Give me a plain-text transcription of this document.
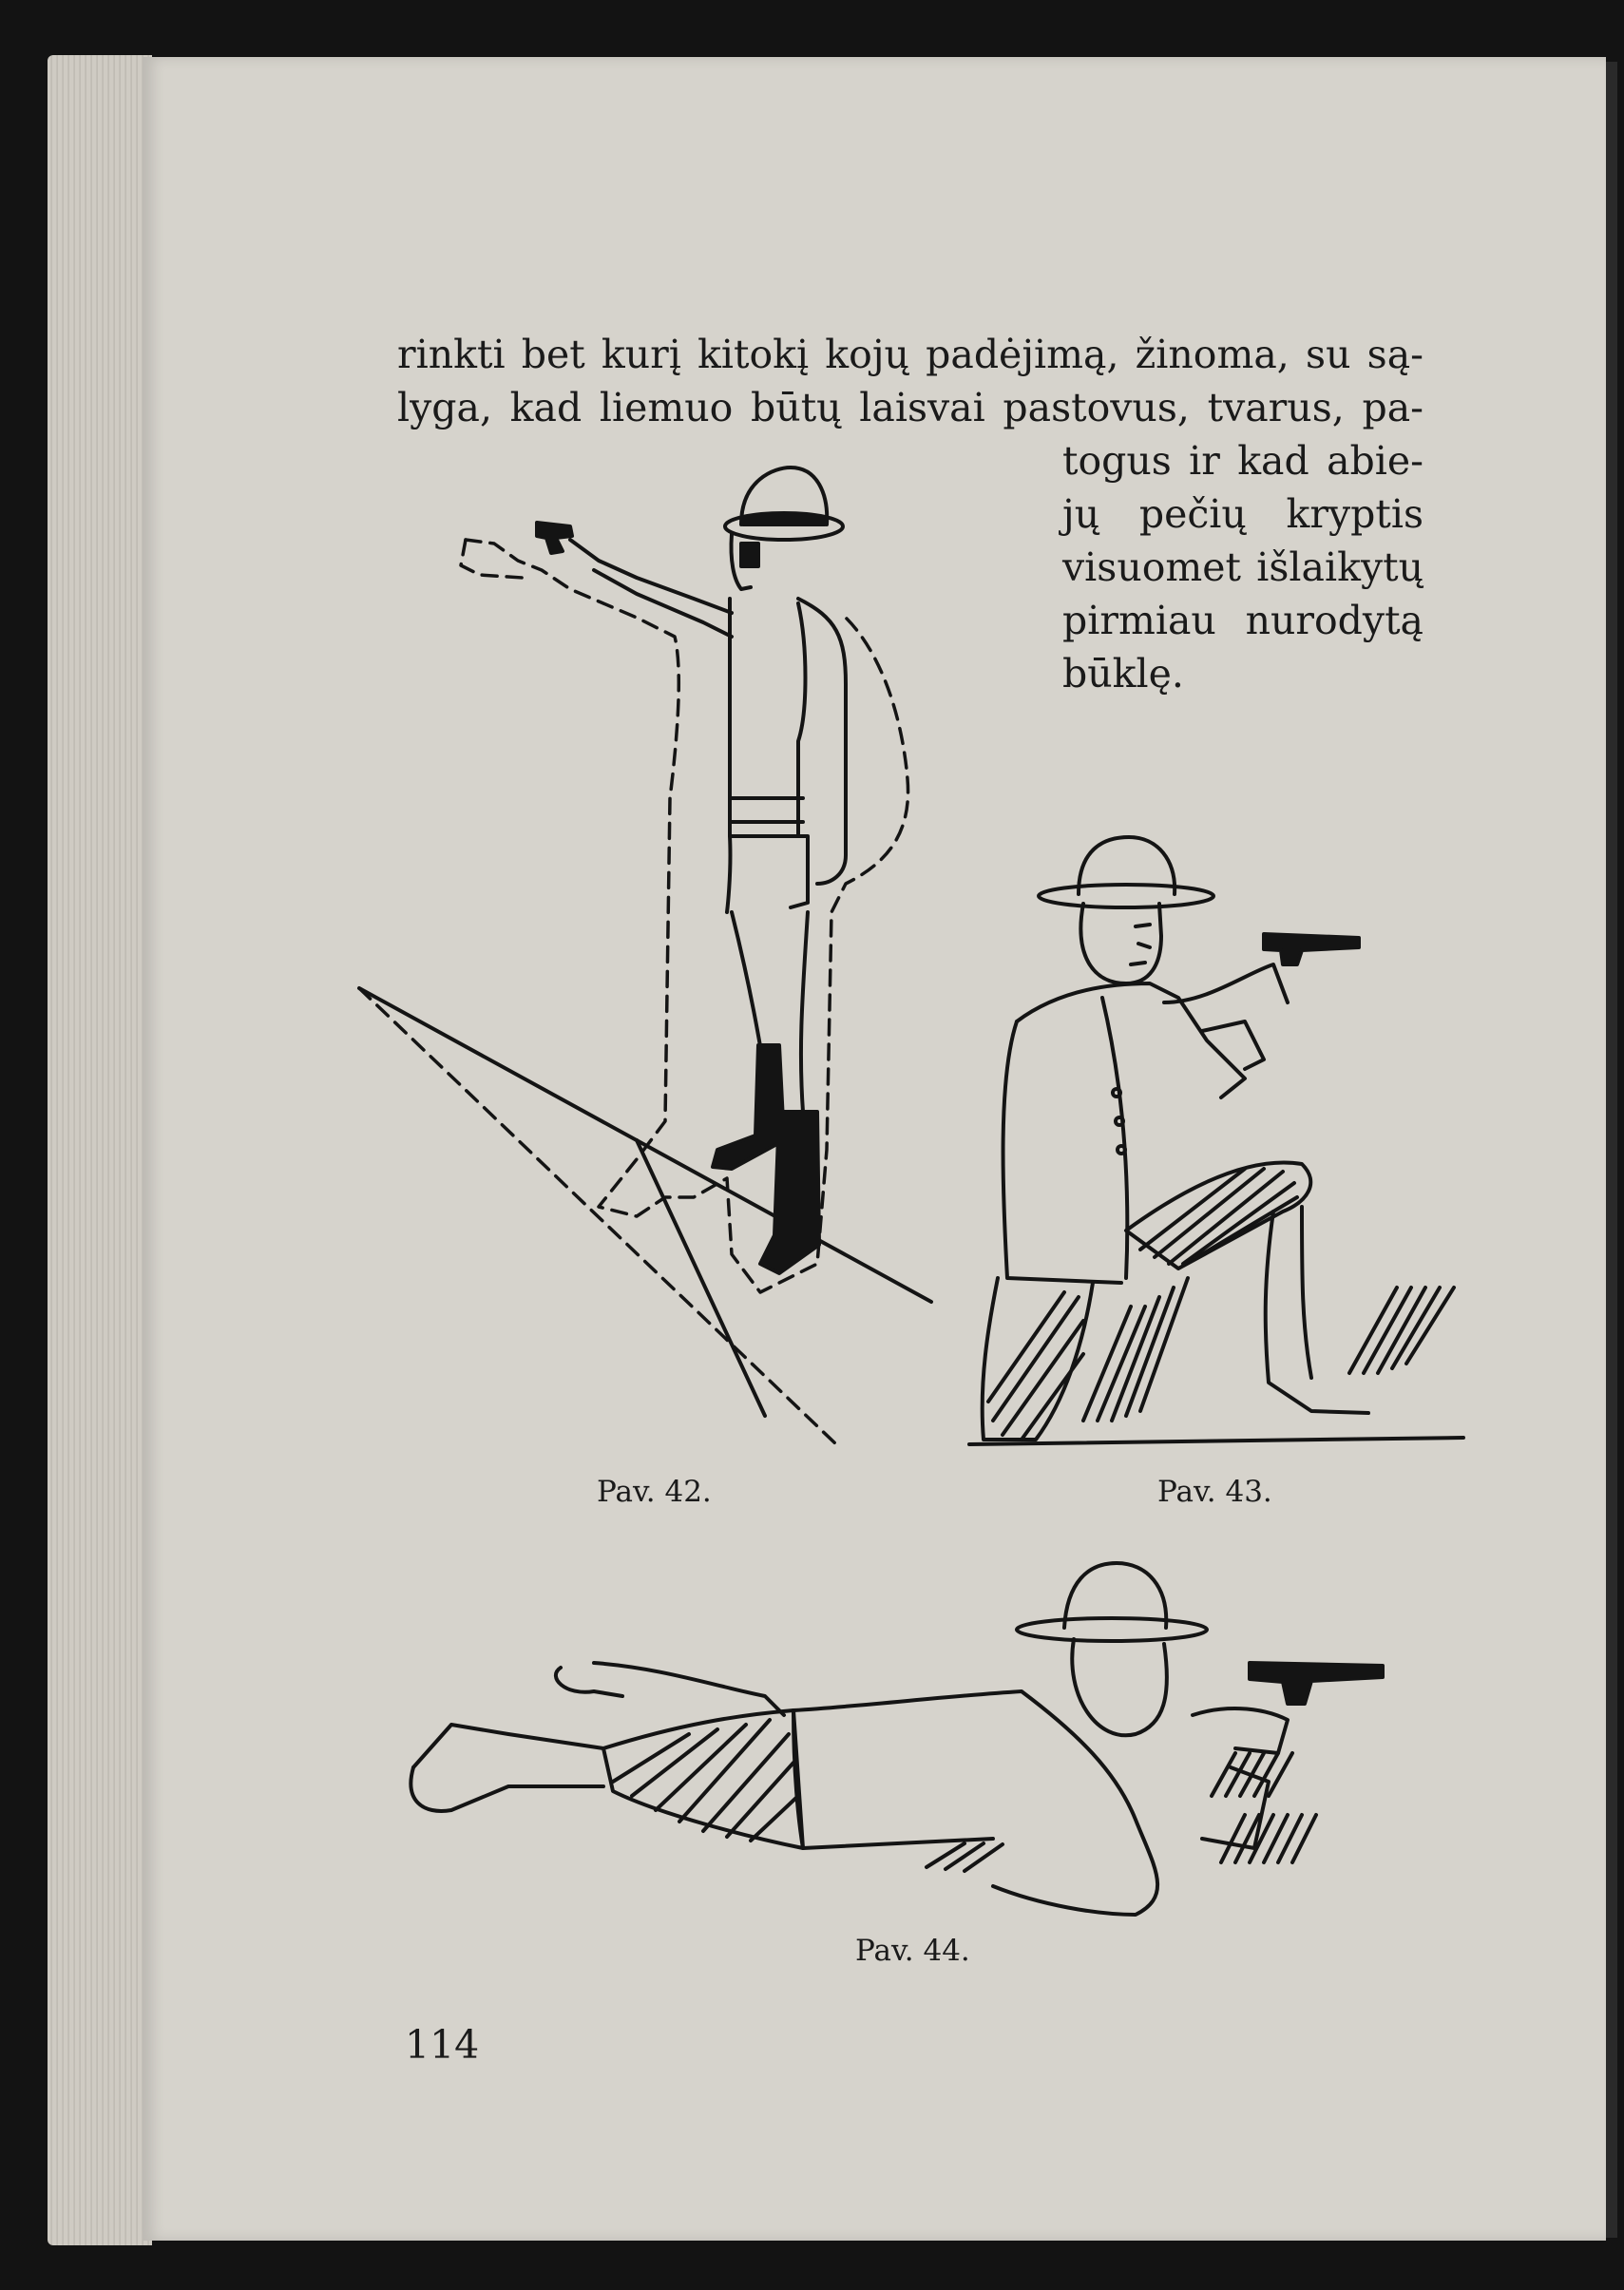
rinkti bet kurį kitokį kojų padėjimą, žinoma, su są-
lyga, kad liemuo būtų laisvai pastovus, tvarus, pa-
togus ir kad abie-
jų pečių kryptis
visuomet išlaikytų
pirmiau nurodytą
būklę.
Pav. 42.	Pav. 43.
Pav. 44.
114
